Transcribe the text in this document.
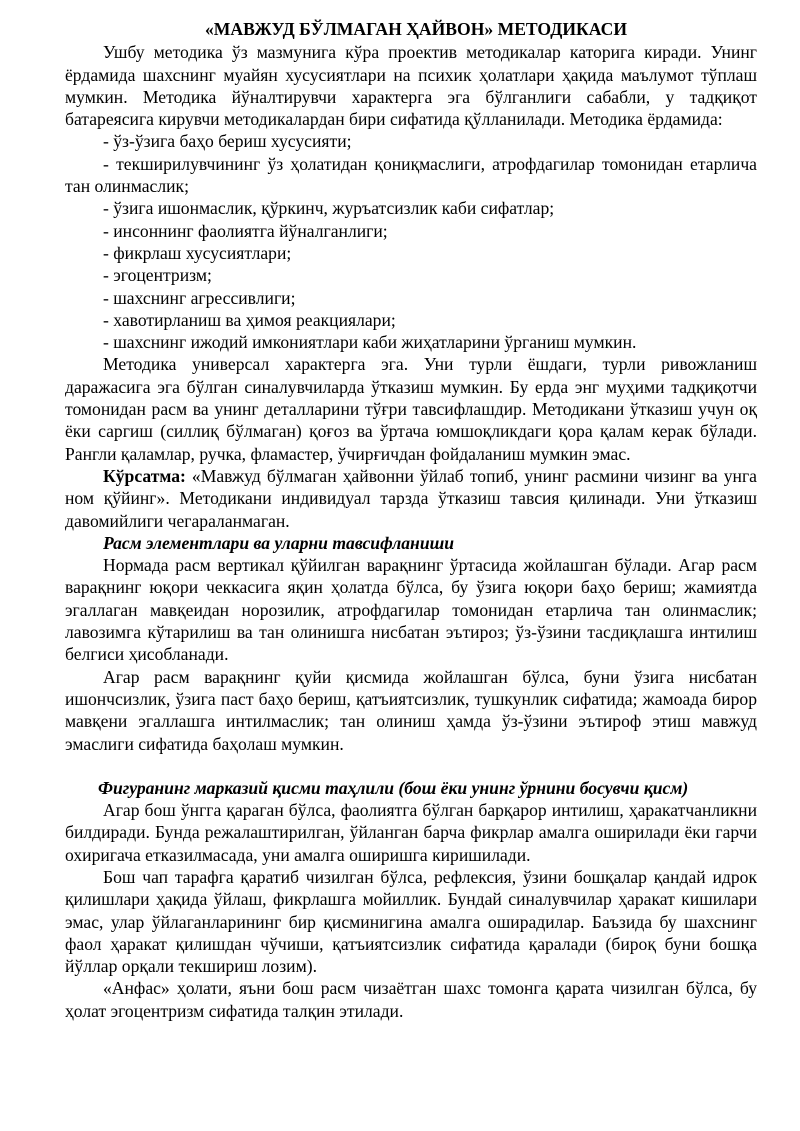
«МАВЖУД БЎЛМАГАН ҲАЙВОН» МЕТОДИКАСИ

Ушбу методика ўз мазмунига кўра проектив методикалар каторига киради. Унинг ёрдамида шахснинг муайян хусусиятлари на психик ҳолатлари ҳақида маълумот тўплаш мумкин. Методика йўналтирувчи характерга эга бўлганлиги сабабли, у тадқиқот батареясига кирувчи методикалардан бири сифатида қўлланилади. Методика ёрдамида:

- ўз-ўзига баҳо бериш хусусияти;

- текширилувчининг ўз ҳолатидан қониқмаслиги, атрофдагилар томонидан етарлича тан олинмаслик;

- ўзига ишонмаслик, қўркинч, журъатсизлик каби сифатлар;

- инсоннинг фаолиятга йўналганлиги;

- фикрлаш хусусиятлари;

- эгоцентризм;

- шахснинг агрессивлиги;

- хавотирланиш ва ҳимоя реакциялари;

- шахснинг ижодий имкониятлари каби жиҳатларини ўрганиш мумкин.

Методика универсал характерга эга. Уни турли ёшдаги, турли ривожланиш даражасига эга бўлган синалувчиларда ўтказиш мумкин. Бу ерда энг муҳими тадқиқотчи томонидан расм ва унинг деталларини тўғри тавсифлашдир. Методикани ўтказиш учун оқ ёки саргиш (силлиқ бўлмаган) қоғоз ва ўртача юмшоқликдаги қора қалам керак бўлади. Рангли қаламлар, ручка, фламастер, ўчирғичдан фойдаланиш мумкин эмас.

Кўрсатма: «Мавжуд бўлмаган ҳайвонни ўйлаб топиб, унинг расмини чизинг ва унга ном қўйинг». Методикани индивидуал тарзда ўтказиш тавсия қилинади. Уни ўтказиш давомийлиги чегараланмаган.

Расм элементлари ва уларни тавсифланиши

Нормада расм вертикал қўйилган варақнинг ўртасида жойлашган бўлади. Агар расм варақнинг юқори чеккасига яқин ҳолатда бўлса, бу ўзига юқори баҳо бериш; жамиятда эгаллаган мавқеидан норозилик, атрофдагилар томонидан етарлича тан олинмаслик; лавозимга кўтарилиш ва тан олинишга нисбатан эътироз; ўз-ўзини тасдиқлашга интилиш белгиси ҳисобланади.

Агар расм варақнинг қуйи қисмида жойлашган бўлса, буни ўзига нисбатан ишончсизлик, ўзига паст баҳо бериш, қатъиятсизлик, тушкунлик сифатида; жамоада бирор мавқени эгаллашга интилмаслик; тан олиниш ҳамда ўз-ўзини эътироф этиш мавжуд эмаслиги сифатида баҳолаш мумкин.

Фигуранинг марказий қисми таҳлили (бош ёки унинг ўрнини босувчи қисм)

Агар бош ўнгга қараган бўлса, фаолиятга бўлган барқарор интилиш, ҳаракатчанликни билдиради. Бунда режалаштирилган, ўйланган барча фикрлар амалга оширилади ёки гарчи охиригача етказилмасада, уни амалга оширишга киришилади.

Бош чап тарафга қаратиб чизилган бўлса, рефлексия, ўзини бошқалар қандай идрок қилишлари ҳақида ўйлаш, фикрлашга мойиллик. Бундай синалувчилар ҳаракат кишилари эмас, улар ўйлаганларининг бир қисминигина амалга оширадилар. Баъзида бу шахснинг фаол ҳаракат қилишдан чўчиши, қатъиятсизлик сифатида қаралади (бироқ буни бошқа йўллар орқали текшириш лозим).

«Анфас» ҳолати, яъни бош расм чизаётган шахс томонга қарата чизилган бўлса, бу ҳолат эгоцентризм сифатида талқин этилади.
